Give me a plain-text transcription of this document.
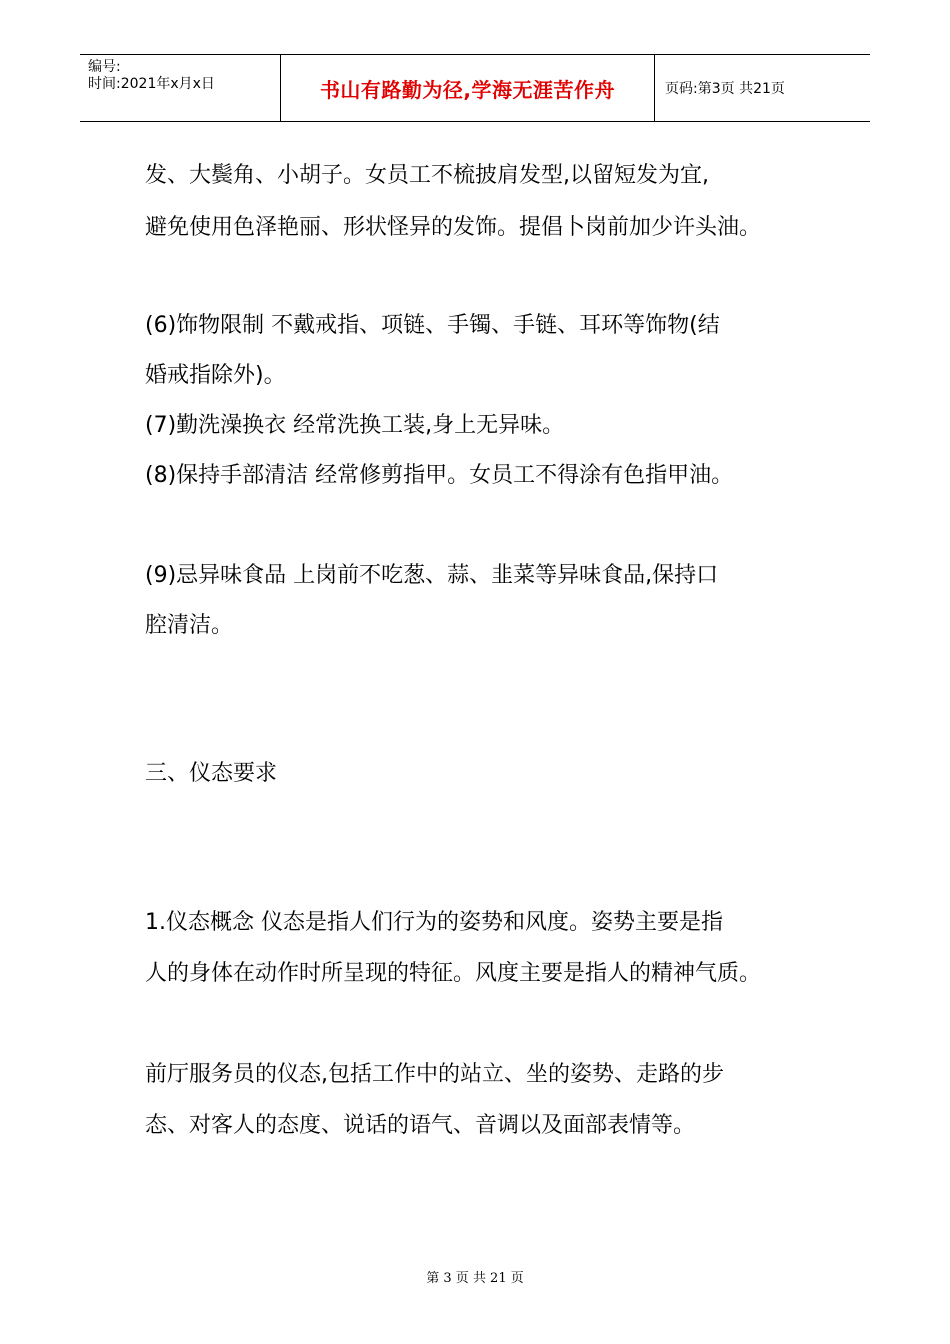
编号:
时间:2021年x月x日	书山有路勤为径,学海无涯苦作舟	页码:第3页 共21页

发、大鬓角、小胡子。女员工不梳披肩发型,以留短发为宜,

避免使用色泽艳丽、形状怪异的发饰。提倡卜岗前加少许头油。

(6)饰物限制 不戴戒指、项链、手镯、手链、耳环等饰物(结

婚戒指除外)。

(7)勤洗澡换衣 经常洗换工装,身上无异味。

(8)保持手部清洁 经常修剪指甲。女员工不得涂有色指甲油。

(9)忌异味食品 上岗前不吃葱、蒜、韭菜等异味食品,保持口

腔清洁。

三、仪态要求

1.仪态概念 仪态是指人们行为的姿势和风度。姿势主要是指

人的身体在动作时所呈现的特征。风度主要是指人的精神气质。

前厅服务员的仪态,包括工作中的站立、坐的姿势、走路的步

态、对客人的态度、说话的语气、音调以及面部表情等。

第 3 页 共 21 页
